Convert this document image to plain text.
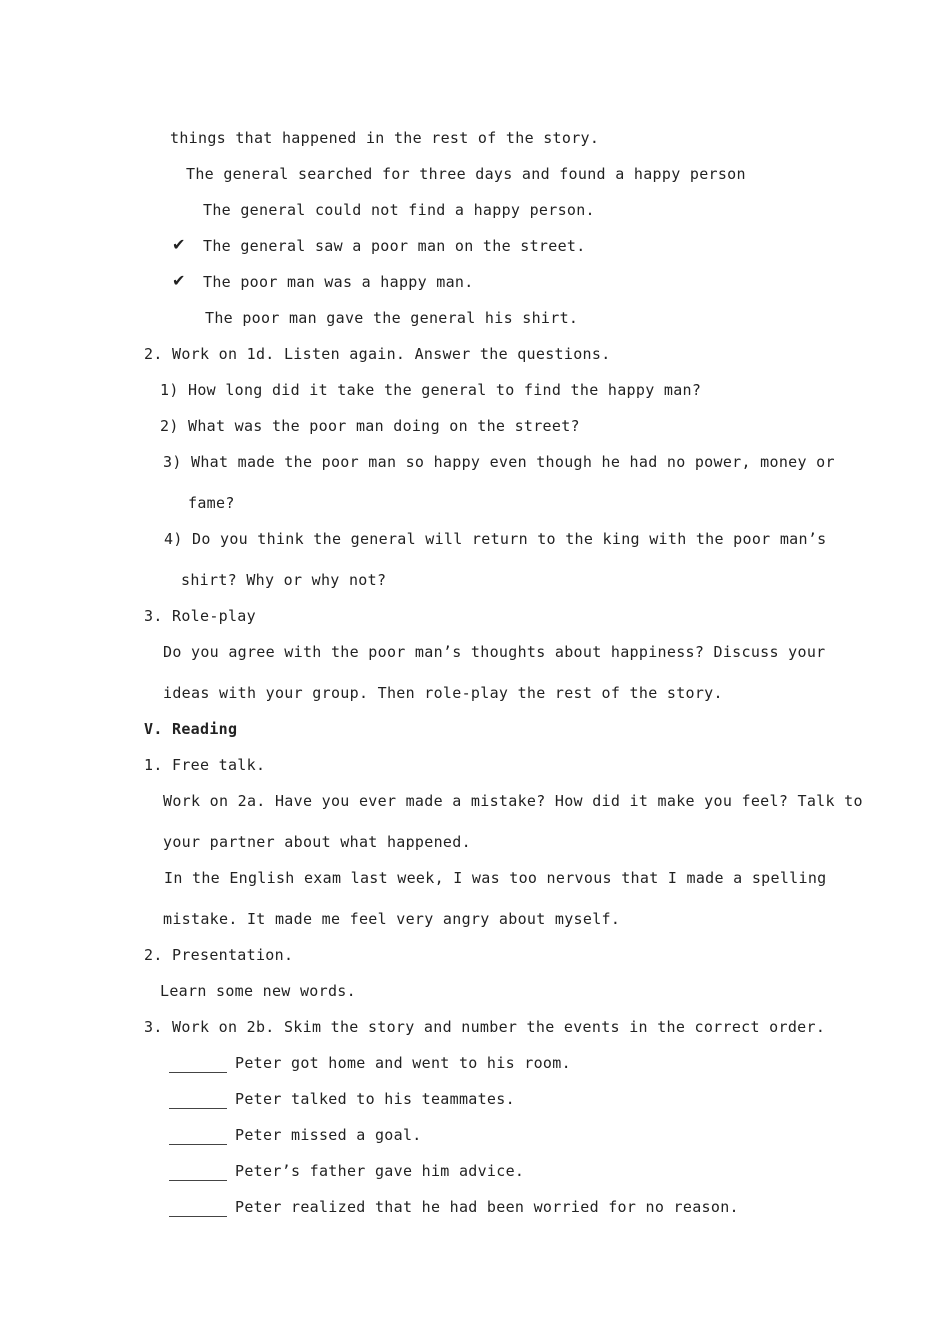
things that happened in the rest of the story.
The general searched for three days and found a happy person
The general could not find a happy person.
✔ The general saw a poor man on the street.
✔ The poor man was a happy man.
The poor man gave the general his shirt.
2. Work on 1d. Listen again. Answer the questions.
1) How long did it take the general to find the happy man?
2) What was the poor man doing on the street?
3) What made the poor man so happy even though he had no power, money or
fame?
4) Do you think the general will return to the king with the poor man’s
shirt? Why or why not?
3. Role-play
Do you agree with the poor man’s thoughts about happiness? Discuss your
ideas with your group. Then role-play the rest of the story.
V. Reading
1. Free talk.
Work on 2a. Have you ever made a mistake? How did it make you feel? Talk to
your partner about what happened.
In the English exam last week, I was too nervous that I made a spelling
mistake. It made me feel very angry about myself.
2. Presentation.
Learn some new words.
3. Work on 2b. Skim the story and number the events in the correct order.
Peter got home and went to his room.
Peter talked to his teammates.
Peter missed a goal.
Peter’s father gave him advice.
Peter realized that he had been worried for no reason.
